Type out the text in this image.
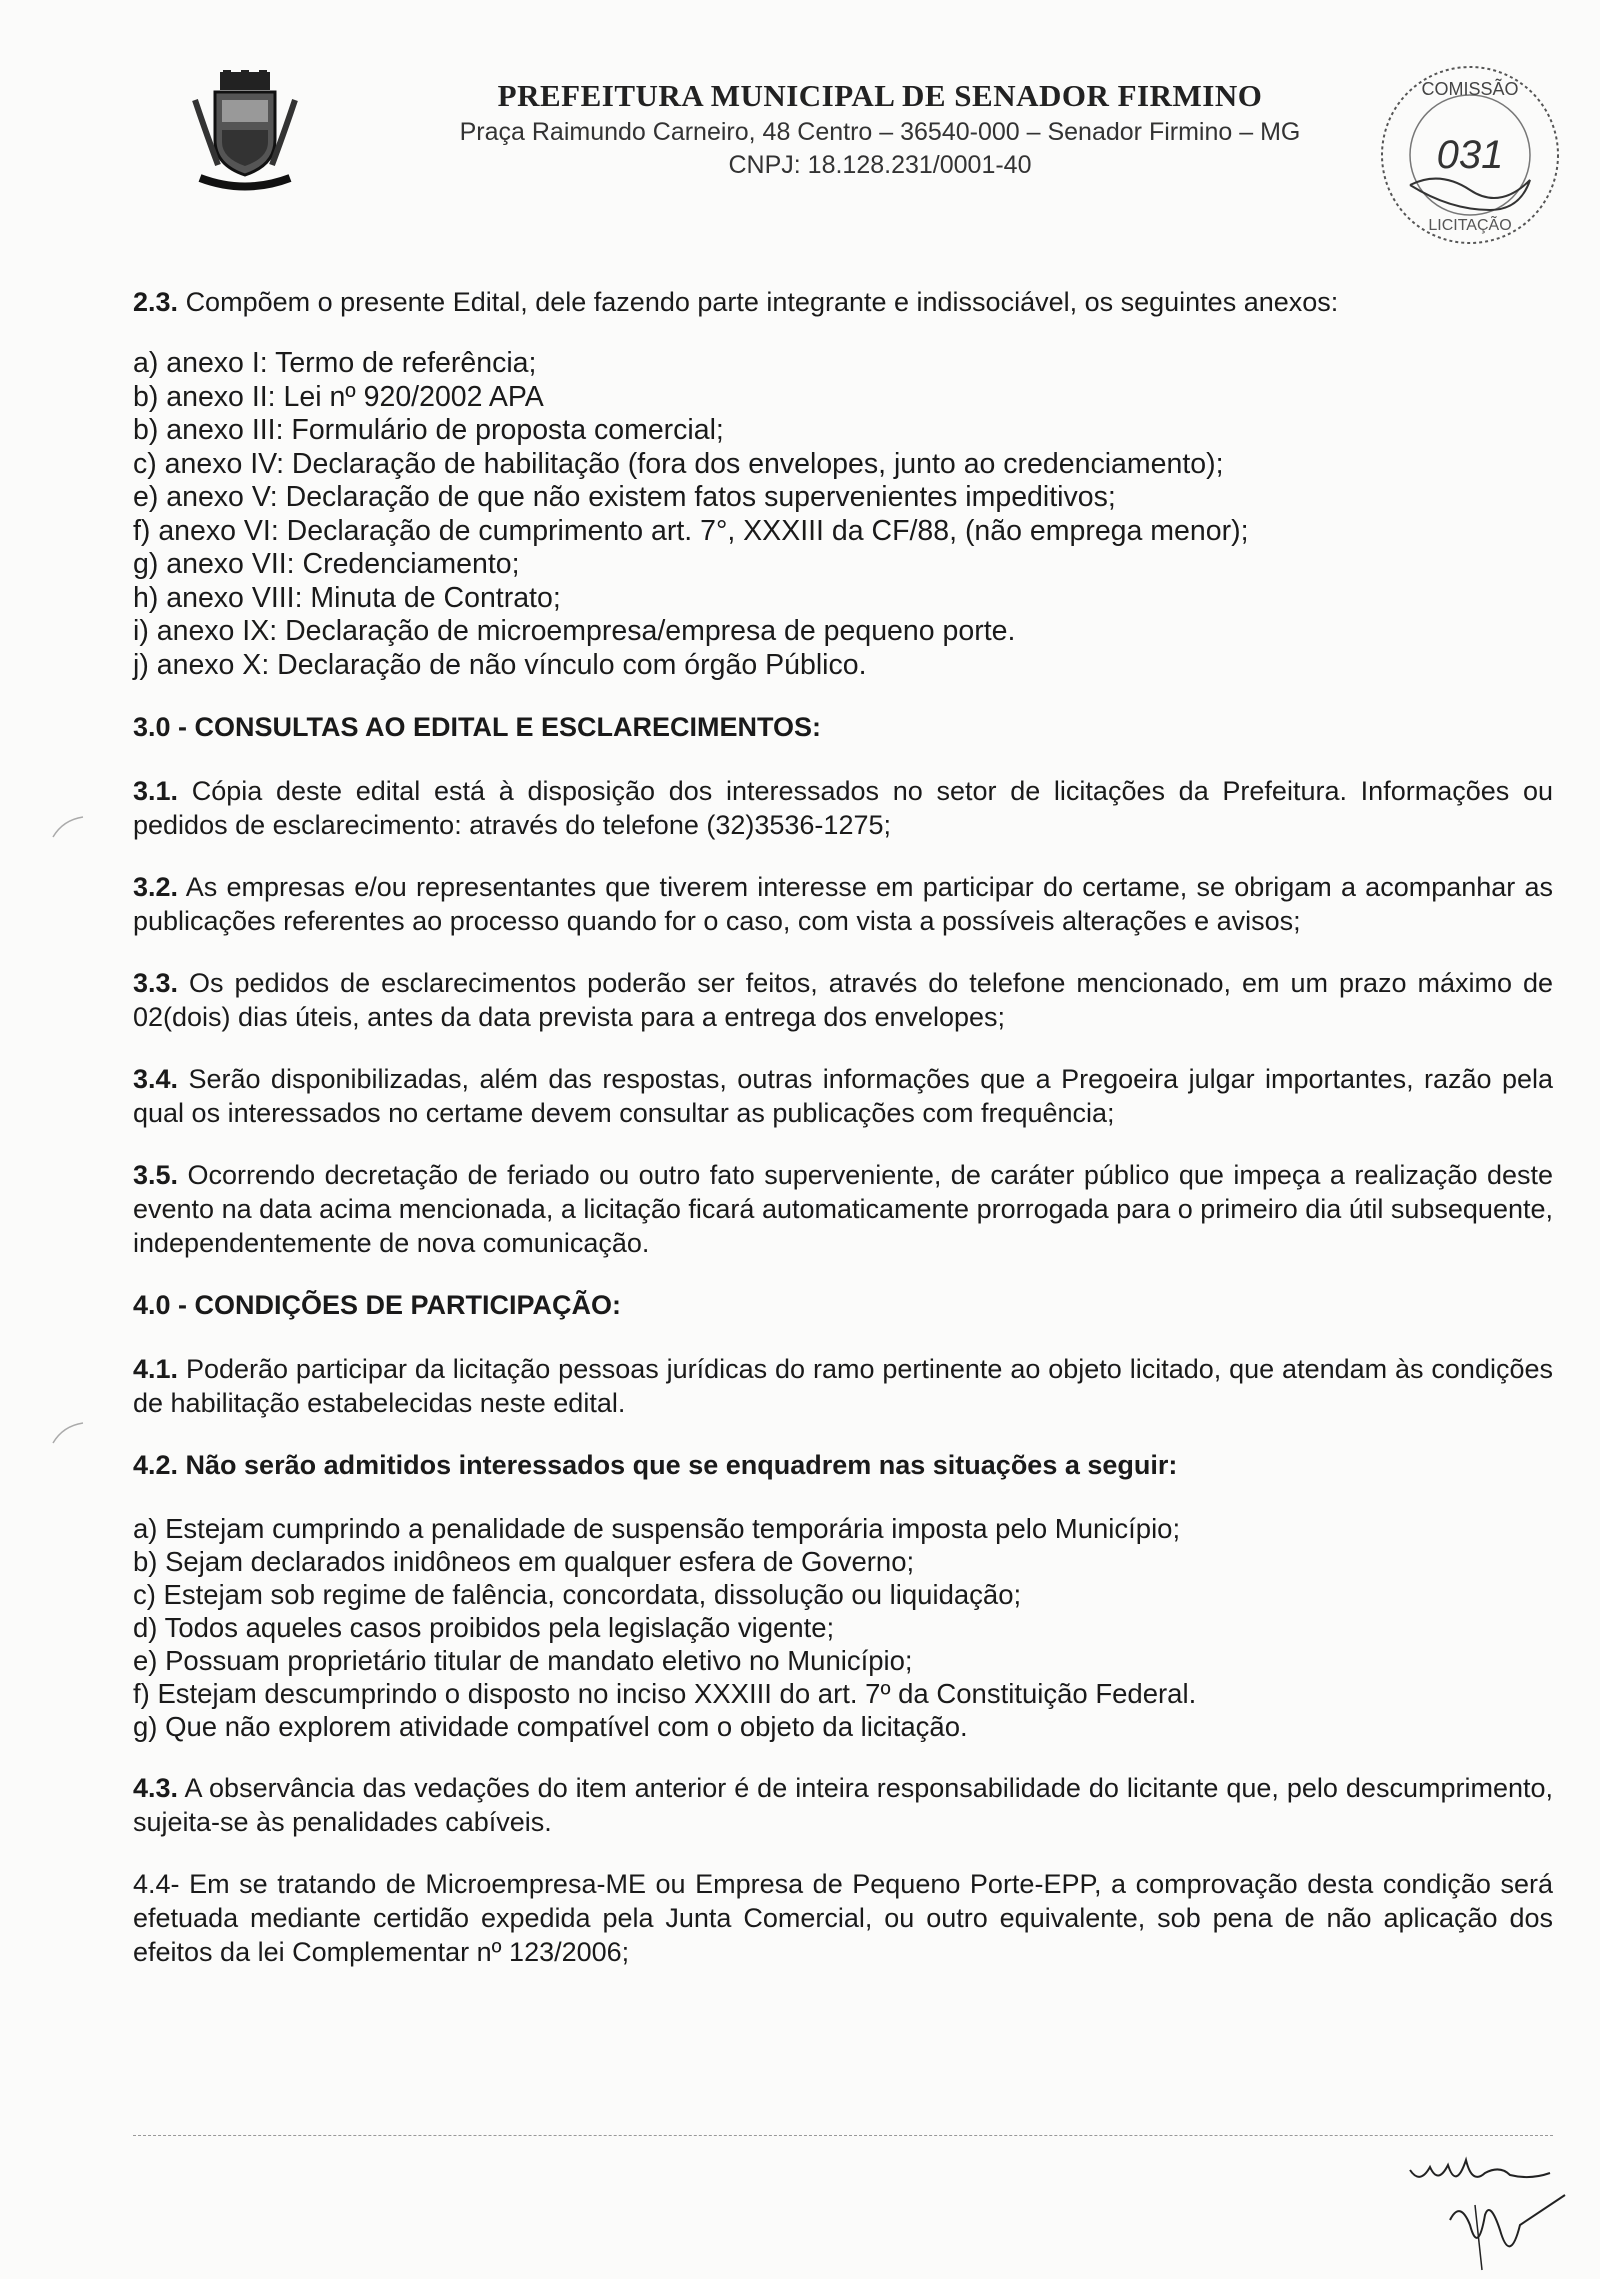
PREFEITURA MUNICIPAL DE SENADOR FIRMINO
Praça Raimundo Carneiro, 48 Centro – 36540-000 – Senador Firmino – MG
CNPJ: 18.128.231/0001-40
COMISSÃO
031
LICITAÇÃO

2.3. Compõem o presente Edital, dele fazendo parte integrante e indissociável, os seguintes anexos:

a) anexo I: Termo de referência;
b) anexo II: Lei nº 920/2002 APA
b) anexo III: Formulário de proposta comercial;
c) anexo IV: Declaração de habilitação (fora dos envelopes, junto ao credenciamento);
e) anexo V: Declaração de que não existem fatos supervenientes impeditivos;
f) anexo VI: Declaração de cumprimento art. 7°, XXXIII da CF/88, (não emprega menor);
g) anexo VII: Credenciamento;
h) anexo VIII: Minuta de Contrato;
i) anexo IX: Declaração de microempresa/empresa de pequeno porte.
j) anexo X: Declaração de não vínculo com órgão Público.
3.0 - CONSULTAS AO EDITAL E ESCLARECIMENTOS:

3.1. Cópia deste edital está à disposição dos interessados no setor de licitações da Prefeitura. Informações ou pedidos de esclarecimento: através do telefone (32)3536-1275;

3.2. As empresas e/ou representantes que tiverem interesse em participar do certame, se obrigam a acompanhar as publicações referentes ao processo quando for o caso, com vista a possíveis alterações e avisos;

3.3. Os pedidos de esclarecimentos poderão ser feitos, através do telefone mencionado, em um prazo máximo de 02(dois) dias úteis, antes da data prevista para a entrega dos envelopes;

3.4. Serão disponibilizadas, além das respostas, outras informações que a Pregoeira julgar importantes, razão pela qual os interessados no certame devem consultar as publicações com frequência;

3.5. Ocorrendo decretação de feriado ou outro fato superveniente, de caráter público que impeça a realização deste evento na data acima mencionada, a licitação ficará automaticamente prorrogada para o primeiro dia útil subsequente, independentemente de nova comunicação.

4.0 - CONDIÇÕES DE PARTICIPAÇÃO:

4.1. Poderão participar da licitação pessoas jurídicas do ramo pertinente ao objeto licitado, que atendam às condições de habilitação estabelecidas neste edital.

4.2. Não serão admitidos interessados que se enquadrem nas situações a seguir:
a) Estejam cumprindo a penalidade de suspensão temporária imposta pelo Município;
b) Sejam declarados inidôneos em qualquer esfera de Governo;
c) Estejam sob regime de falência, concordata, dissolução ou liquidação;
d) Todos aqueles casos proibidos pela legislação vigente;
e) Possuam proprietário titular de mandato eletivo no Município;
f) Estejam descumprindo o disposto no inciso XXXIII do art. 7º da Constituição Federal.
g) Que não explorem atividade compatível com o objeto da licitação.

4.3. A observância das vedações do item anterior é de inteira responsabilidade do licitante que, pelo descumprimento, sujeita-se às penalidades cabíveis.

4.4- Em se tratando de Microempresa-ME ou Empresa de Pequeno Porte-EPP, a comprovação desta condição será efetuada mediante certidão expedida pela Junta Comercial, ou outro equivalente, sob pena de não aplicação dos efeitos da lei Complementar nº 123/2006;
